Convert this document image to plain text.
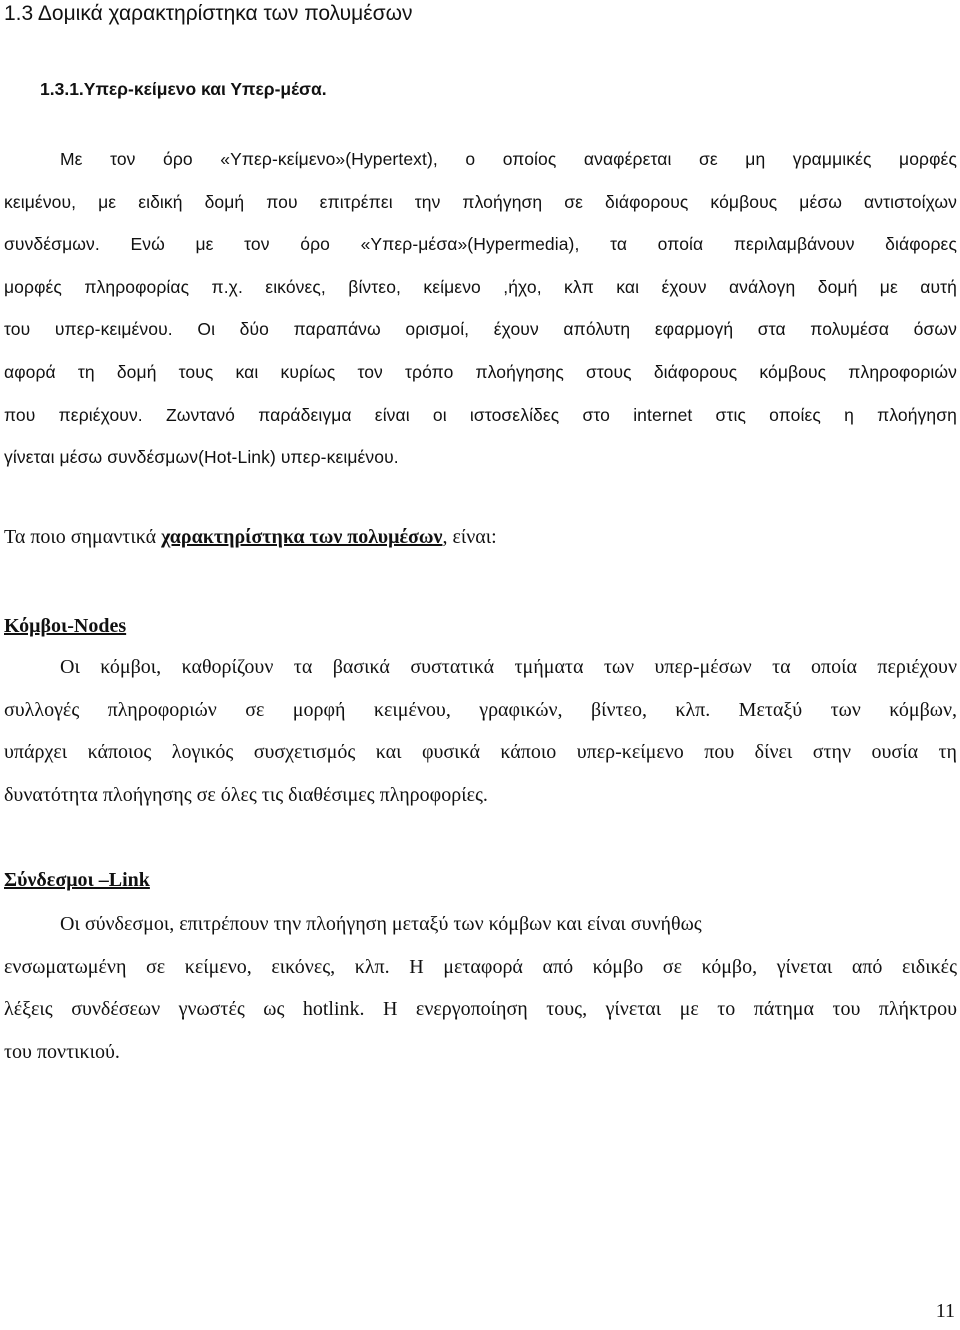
1.3 Δομικά χαρακτηρίστηκα των πολυμέσων
1.3.1.Υπερ-κείμενο και Υπερ-μέσα.
Με τον όρο «Υπερ-κείμενο»(Hypertext), ο οποίος αναφέρεται σε μη γραμμικές μορφές
κειμένου, με ειδική δομή που επιτρέπει την πλοήγηση σε διάφορους κόμβους μέσω αντιστοίχων
συνδέσμων. Ενώ με τον όρο «Υπερ-μέσα»(Hypermedia), τα οποία περιλαμβάνουν διάφορες
μορφές πληροφορίας π.χ. εικόνες, βίντεο, κείμενο ,ήχο, κλπ και έχουν ανάλογη δομή με αυτή
του υπερ-κειμένου. Οι δύο παραπάνω ορισμοί, έχουν απόλυτη εφαρμογή στα πολυμέσα όσων
αφορά τη δομή τους και κυρίως τον τρόπο πλοήγησης στους διάφορους κόμβους πληροφοριών
που περιέχουν. Ζωντανό παράδειγμα είναι οι ιστοσελίδες στο internet στις οποίες η πλοήγηση
γίνεται μέσω συνδέσμων(Hot-Link) υπερ-κειμένου.

Τα ποιο σημαντικά χαρακτηρίστηκα των πολυμέσων, είναι:

Κόμβοι-Nodes

Οι κόμβοι, καθορίζουν τα βασικά συστατικά τμήματα των υπερ-μέσων τα οποία περιέχουν
συλλογές πληροφοριών σε μορφή κειμένου, γραφικών, βίντεο, κλπ. Μεταξύ των κόμβων,
υπάρχει κάποιος λογικός συσχετισμός και φυσικά κάποιο υπερ-κείμενο που δίνει στην ουσία τη
δυνατότητα πλοήγησης σε όλες τις διαθέσιμες πληροφορίες.

Σύνδεσμοι –Link

Οι σύνδεσμοι, επιτρέπουν την πλοήγηση μεταξύ των κόμβων και είναι συνήθως
ενσωματωμένη σε κείμενο, εικόνες, κλπ. Η μεταφορά από κόμβο σε κόμβο, γίνεται από ειδικές
λέξεις συνδέσεων γνωστές ως hotlink. Η ενεργοποίηση τους, γίνεται με το πάτημα του πλήκτρου
του ποντικιού.
11
